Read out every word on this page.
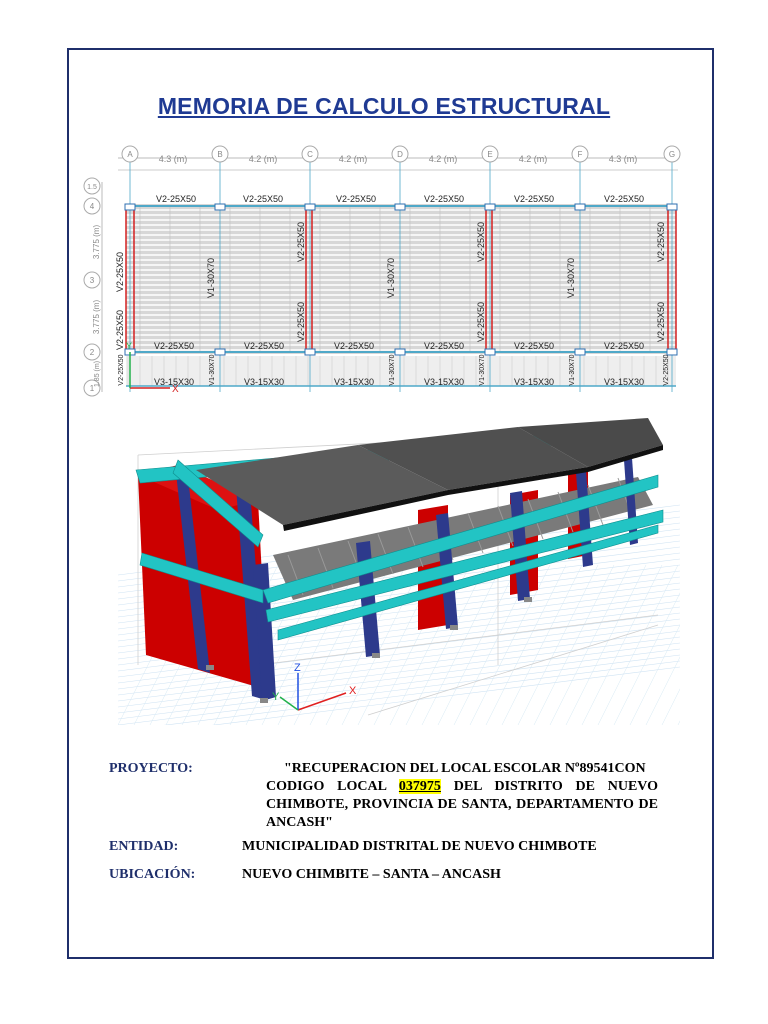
MEMORIA DE CALCULO ESTRUCTURAL
A	B	C	D	E	F	G
4.3 (m)	4.2 (m)	4.2 (m)	4.2 (m)	4.2 (m)	4.3 (m)
V2-25X50	V2-25X50	V2-25X50	V2-25X50	V2-25X50	V2-25X50
V2-25X50	V2-25X50	V2-25X50	V2-25X50	V2-25X50	V2-25X50
V3-15X30	V3-15X30	V3-15X30	V3-15X30	V3-15X30	V3-15X30
V2-25X50
V2-25X50
V2-25X50
V1-30X70
V2-25X50
V2-25X50
V1-30X70
V2-25X50
V2-25X50
V1-30X70
V2-25X50
V2-25X50
V1-30X70	V1-30X70	V1-30X70	V1-30X70	V2-25X50
1.5
4
3
2
1
3.775 (m)
3.775 (m)
1.85 (m)
X
Y
X
Z
Y
PROYECTO:	"RECUPERACION DEL LOCAL ESCOLAR Nº89541CON
CODIGO LOCAL 037975 DEL DISTRITO DE NUEVO CHIMBOTE, PROVINCIA DE SANTA, DEPARTAMENTO DE ANCASH"
ENTIDAD:	MUNICIPALIDAD DISTRITAL DE NUEVO CHIMBOTE
UBICACIÓN:	NUEVO CHIMBITE – SANTA – ANCASH
